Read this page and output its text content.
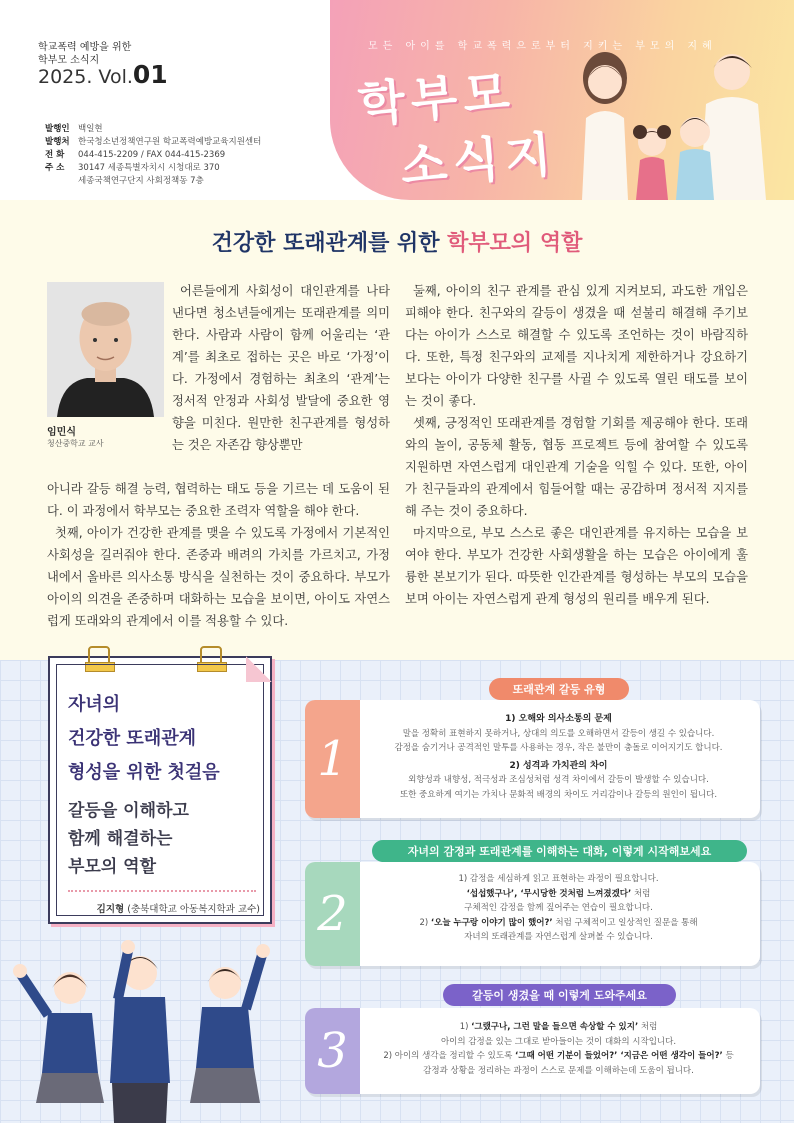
학교폭력 예방을 위한
학부모 소식지
2025. Vol.01
발행인 백일현
발행처 한국청소년정책연구원 학교폭력예방교육지원센터
전 화 044-415-2209 / FAX 044-415-2369
주 소 30147 세종특별자치시 시청대로 370
세종국책연구단지 사회정책동 7층
모든 아이를 학교폭력으로부터 지키는 부모의 지혜
학부모
소식지
건강한 또래관계를 위한 학부모의 역할
임민식
청산중학교 교사

어른들에게 사회성이 대인관계를 나타낸다면 청소년들에게는 또래관계를 의미한다. 사람과 사람이 함께 어울리는 ‘관계’를 최초로 접하는 곳은 바로 ‘가정’이다. 가정에서 경험하는 최초의 ‘관계’는 정서적 안정과 사회성 발달에 중요한 영향을 미친다. 원만한 친구관계를 형성하는 것은 자존감 향상뿐만

아니라 갈등 해결 능력, 협력하는 태도 등을 기르는 데 도움이 된다. 이 과정에서 학부모는 중요한 조력자 역할을 해야 한다.

첫째, 아이가 건강한 관계를 맺을 수 있도록 가정에서 기본적인 사회성을 길러줘야 한다. 존중과 배려의 가치를 가르치고, 가정 내에서 올바른 의사소통 방식을 실천하는 것이 중요하다. 부모가 아이의 의견을 존중하며 대화하는 모습을 보이면, 아이도 자연스럽게 또래와의 관계에서 이를 적용할 수 있다.

둘째, 아이의 친구 관계를 관심 있게 지켜보되, 과도한 개입은 피해야 한다. 친구와의 갈등이 생겼을 때 섣불리 해결해 주기보다는 아이가 스스로 해결할 수 있도록 조언하는 것이 바람직하다. 또한, 특정 친구와의 교제를 지나치게 제한하거나 강요하기보다는 아이가 다양한 친구를 사귈 수 있도록 열린 태도를 보이는 것이 좋다.

셋째, 긍정적인 또래관계를 경험할 기회를 제공해야 한다. 또래와의 놀이, 공동체 활동, 협동 프로젝트 등에 참여할 수 있도록 지원하면 자연스럽게 대인관계 기술을 익힐 수 있다. 또한, 아이가 친구들과의 관계에서 힘들어할 때는 공감하며 정서적 지지를 해 주는 것이 중요하다.

마지막으로, 부모 스스로 좋은 대인관계를 유지하는 모습을 보여야 한다. 부모가 건강한 사회생활을 하는 모습은 아이에게 훌륭한 본보기가 된다. 따뜻한 인간관계를 형성하는 부모의 모습을 보며 아이는 자연스럽게 관계 형성의 원리를 배우게 된다.

자녀의
건강한 또래관계
형성을 위한 첫걸음
갈등을 이해하고
함께 해결하는
부모의 역할
김지형 (충북대학교 아동복지학과 교수)
1
1) 오해와 의사소통의 문제
말을 정확히 표현하지 못하거나, 상대의 의도를 오해하면서 갈등이 생길 수 있습니다.
감정을 숨기거나 공격적인 말투를 사용하는 경우, 작은 불만이 충돌로 이어지기도 합니다.
2) 성격과 가치관의 차이
외향성과 내향성, 적극성과 조심성처럼 성격 차이에서 갈등이 발생할 수 있습니다.
또한 중요하게 여기는 가치나 문화적 배경의 차이도 거리감이나 갈등의 원인이 됩니다.
또래관계 갈등 유형
2
1) 감정을 세심하게 읽고 표현하는 과정이 필요합니다.
‘섭섭했구나’, ‘무시당한 것처럼 느껴졌겠다’ 처럼
구체적인 감정을 함께 짚어주는 연습이 필요합니다.
2) ‘오늘 누구랑 이야기 많이 했어?’ 처럼 구체적이고 일상적인 질문을 통해
자녀의 또래관계를 자연스럽게 살펴볼 수 있습니다.
자녀의 감정과 또래관계를 이해하는 대화, 이렇게 시작해보세요
3	1) ‘그랬구나, 그런 말을 들으면 속상할 수 있지’ 처럼
아이의 감정을 있는 그대로 받아들이는 것이 대화의 시작입니다.
2) 아이의 생각을 정리할 수 있도록 ‘그때 어떤 기분이 들었어?’ ‘지금은 어떤 생각이 들어?’ 등
감정과 상황을 정리하는 과정이 스스로 문제를 이해하는데 도움이 됩니다.
갈등이 생겼을 때 이렇게 도와주세요
